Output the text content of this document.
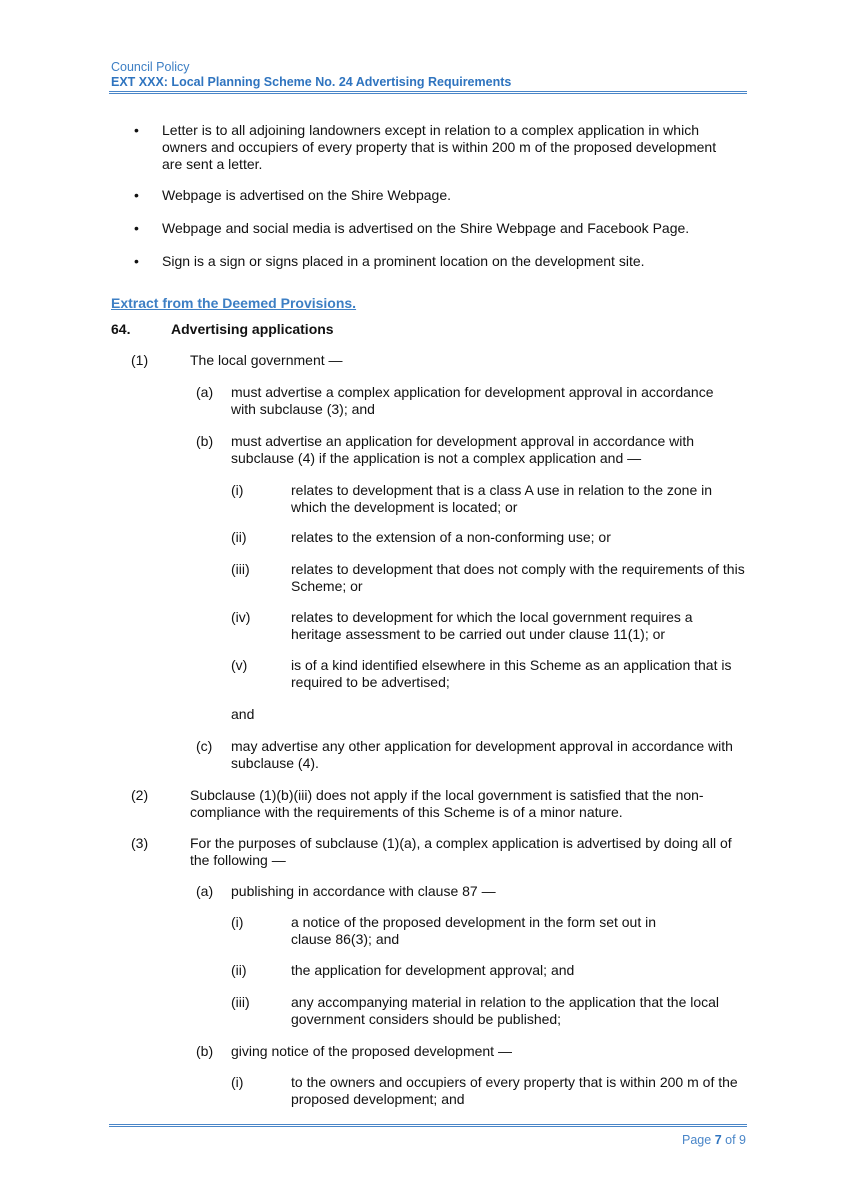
Council Policy
EXT XXX: Local Planning Scheme No. 24 Advertising Requirements
• Letter is to all adjoining landowners except in relation to a complex application in which owners and occupiers of every property that is within 200 m of the proposed development are sent a letter.

• Webpage is advertised on the Shire Webpage.

• Webpage and social media is advertised on the Shire Webpage and Facebook Page.

• Sign is a sign or signs placed in a prominent location on the development site.

Extract from the Deemed Provisions.

64.	Advertising applications

(1)	The local government —

(a) must advertise a complex application for development approval in accordance with subclause (3); and

(b) must advertise an application for development approval in accordance with subclause (4) if the application is not a complex application and —

(i)	relates to development that is a class A use in relation to the zone in which the development is located; or

(ii)	relates to the extension of a non-conforming use; or

(iii)	relates to development that does not comply with the requirements of this Scheme; or

(iv)	relates to development for which the local government requires a heritage assessment to be carried out under clause 11(1); or

(v)	is of a kind identified elsewhere in this Scheme as an application that is required to be advertised;

and

(c) may advertise any other application for development approval in accordance with subclause (4).

(2)	Subclause (1)(b)(iii) does not apply if the local government is satisfied that the non-compliance with the requirements of this Scheme is of a minor nature.

(3)	For the purposes of subclause (1)(a), a complex application is advertised by doing all of the following —

(a) publishing in accordance with clause 87 —

(i)	a notice of the proposed development in the form set out in clause 86(3); and

(ii)	the application for development approval; and

(iii)	any accompanying material in relation to the application that the local government considers should be published;

(b) giving notice of the proposed development —

(i)	to the owners and occupiers of every property that is within 200 m of the proposed development; and

Page 7 of 9
